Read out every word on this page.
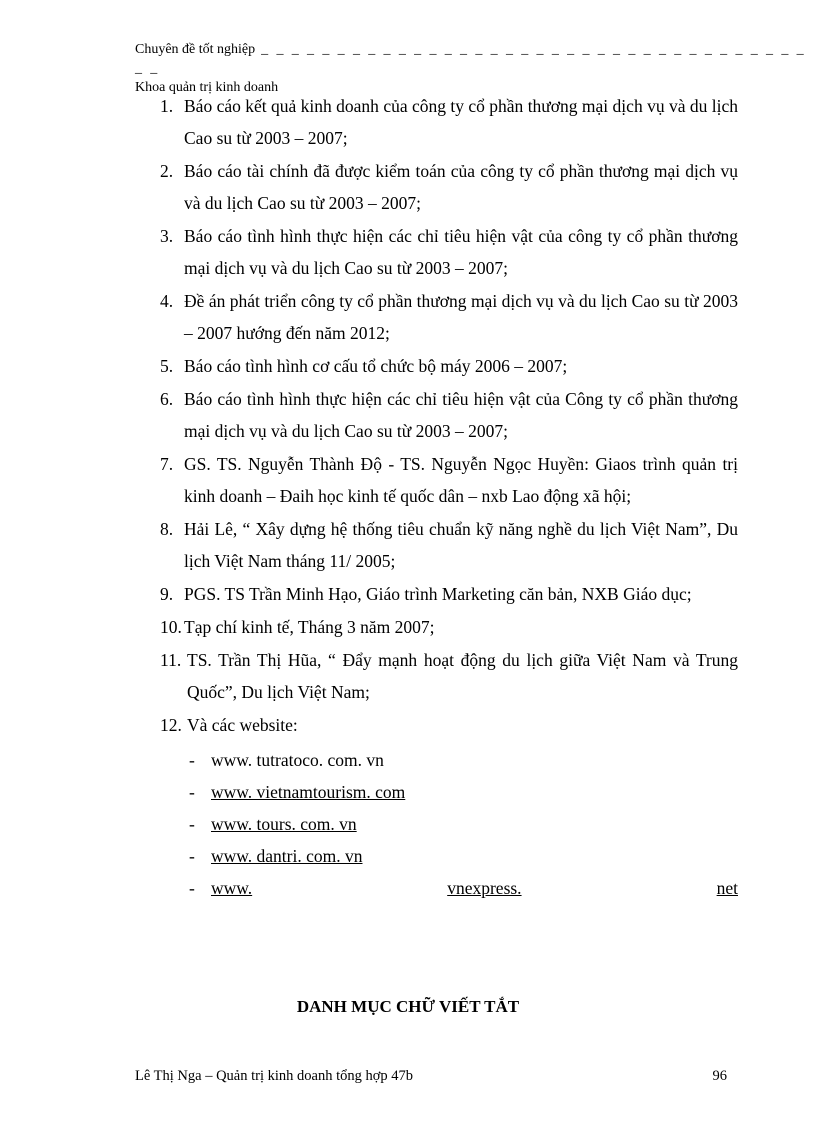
Chuyên đề tốt nghiệp _ _ _ _ _ _ _ _ _ _ _ _ _ _ _ _ _ _ _ _ _ _ _ _ _ _ _ _ _ _ _ _ _ _ _ _ _ _
Khoa quản trị kinh doanh
1. Báo cáo kết quả kinh doanh của công ty cổ phần thương mại dịch vụ và du lịch Cao su từ 2003 – 2007;
2. Báo cáo tài chính đã được kiểm toán của công ty cổ phần thương mại dịch vụ và du lịch Cao su từ 2003 – 2007;
3. Báo cáo tình hình thực hiện các chỉ tiêu hiện vật của công ty cổ phần thương mại dịch vụ và du lịch Cao su từ 2003 – 2007;
4. Đề án phát triển công ty cổ phần thương mại dịch vụ và du lịch Cao su từ 2003 – 2007 hướng đến năm 2012;
5. Báo cáo tình hình cơ cấu tổ chức bộ máy 2006 – 2007;
6. Báo cáo tình hình thực hiện các chỉ tiêu hiện vật của Công ty cổ phần thương mại dịch vụ và du lịch Cao su từ 2003 – 2007;
7. GS. TS. Nguyễn Thành Độ - TS. Nguyễn Ngọc Huyền: Giaos trình quản trị kinh doanh – Đaih học kinh tế quốc dân – nxb Lao động xã hội;
8. Hải Lê, “ Xây dựng hệ thống tiêu chuẩn kỹ năng nghề du lịch Việt Nam”, Du lịch Việt Nam tháng 11/ 2005;
9. PGS. TS Trần Minh Hạo, Giáo trình Marketing căn bản, NXB Giáo dục;
10. Tạp chí kinh tế, Tháng 3 năm 2007;
11. TS. Trần Thị Hũa, “ Đẩy mạnh hoạt động du lịch giữa Việt Nam và Trung Quốc”, Du lịch Việt Nam;
12. Và các website:
- www. tutratoco. com. vn
- www. vietnamtourism. com
- www. tours. com. vn
- www. dantri. com. vn
- www.	vnexpress.	net
DANH MỤC CHỮ VIẾT TẮT
Lê Thị Nga – Quản trị kinh doanh tổng hợp 47b	96
